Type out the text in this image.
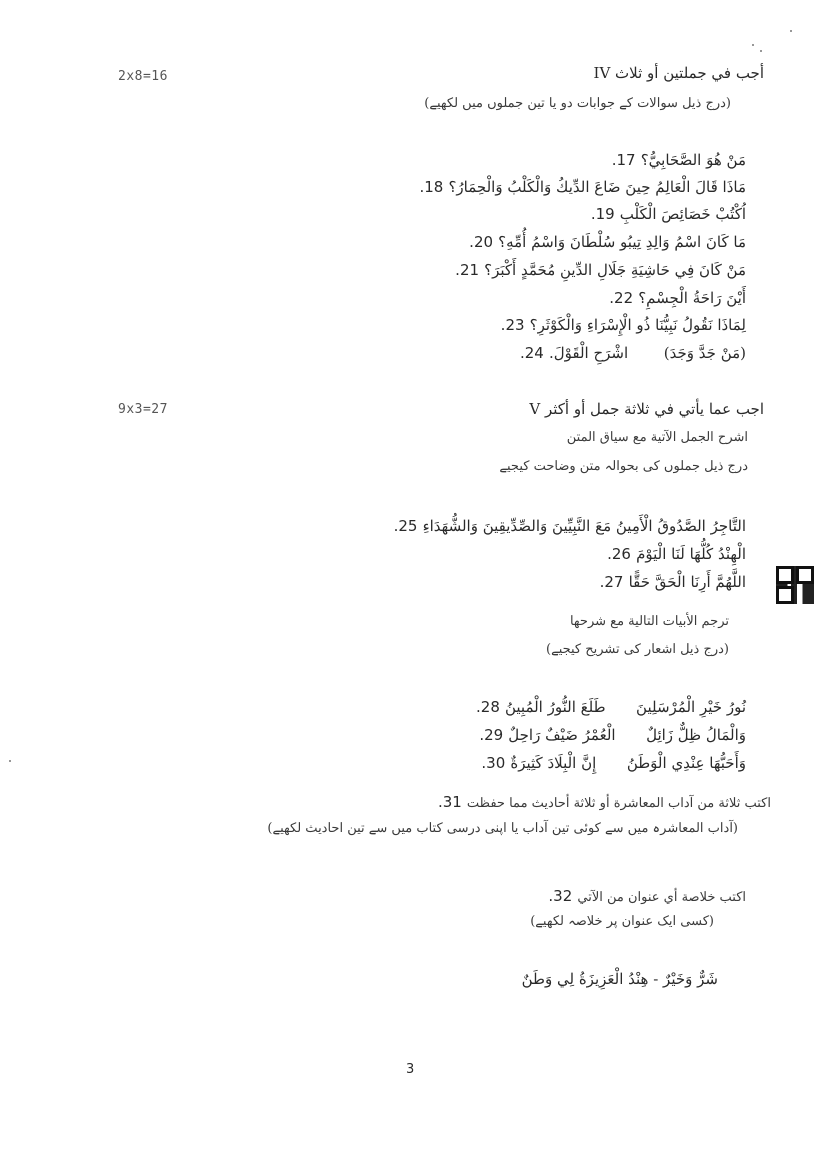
2x8=16	IV أجب في جملتين أو ثلاث
(درج ذیل سوالات کے جوابات دو یا تین جملوں میں لکھیے)
مَنْ هُوَ الصَّحَابِيُّ؟ 17.
مَاذَا قَالَ الْعَالِمُ حِينَ ضَاعَ الدِّيكُ وَالْكَلْبُ وَالْحِمَارُ؟ 18.
اُكْتُبْ خَصَائِصَ الْكَلْبِ 19.
مَا كَانَ اسْمُ وَالِدِ تِيبُو سُلْطَانَ وَاسْمُ أُمِّهِ؟ 20.
مَنْ كَانَ فِي حَاشِيَةِ جَلَالِ الدِّينِ مُحَمَّدٍ أَكْبَرَ؟ 21.
أَيْنَ رَاحَةُ الْجِسْمِ؟ 22.
لِمَاذَا نَقُولُ نَبِيُّنَا ذُو الْإِسْرَاءِ وَالْكَوْثَرِ؟ 23.
(مَنْ جَدَّ وَجَدَ)       اشْرَحِ الْقَوْلَ. 24.
9x3=27	V اجب عما يأتي في ثلاثة جمل أو أكثر
اشرح الجمل الآتية مع سياق المتن
درج ذیل جملوں کی بحوالہ متن وضاحت کیجیے
التَّاجِرُ الصَّدُوقُ الْأَمِينُ مَعَ النَّبِيِّينَ وَالصِّدِّيقِينَ وَالشُّهَدَاءِ 25.
الْهِنْدُ كُلُّهَا لَنَا الْيَوْمَ 26.
اللَّهُمَّ أَرِنَا الْحَقَّ حَقًّا 27.
ترجم الأبيات التالية مع شرحها
(درج ذیل اشعار کی تشریح کیجیے)
نُورُ خَيْرِ الْمُرْسَلِينَ      طَلَعَ النُّورُ الْمُبِينُ 28.
وَالْمَالُ ظِلٌّ زَائِلٌ      الْعُمْرُ ضَيْفٌ رَاحِلٌ 29.
وَأَحَبُّهَا عِنْدِي الْوَطَنُ      إِنَّ الْبِلَادَ كَثِيرَةٌ 30.
اكتب ثلاثة من آداب المعاشرة أو ثلاثة أحاديث مما حفظت 31.
(آداب المعاشرہ میں سے کوئی تین آداب یا اپنی درسی کتاب میں سے تین احادیث لکھیے)
اكتب خلاصة أي عنوان من الآتي 32.
(کسی ایک عنوان پر خلاصہ لکھیے)
شَرٌّ وَخَيْرٌ - هِنْدُ الْعَزِيزَةُ لِي وَطَنٌ
3
